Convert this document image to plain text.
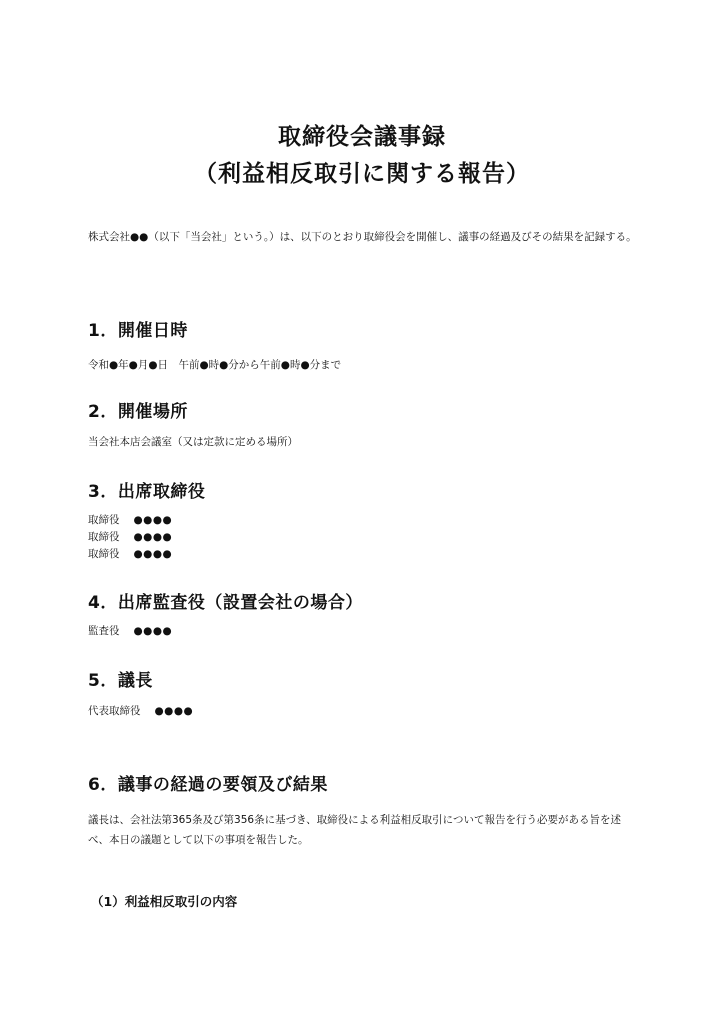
取締役会議事録
（利益相反取引に関する報告）

株式会社●●（以下「当会社」という。）は、以下のとおり取締役会を開催し、議事の経過及びその結果を記録する。

1．開催日時

令和●年●月●日　午前●時●分から午前●時●分まで

2．開催場所

当会社本店会議室（又は定款に定める場所）

3．出席取締役
取締役 ●●●●
取締役 ●●●●
取締役 ●●●●
4．出席監査役（設置会社の場合）
監査役 ●●●●
5．議長
代表取締役 ●●●●
6．議事の経過の要領及び結果

議長は、会社法第365条及び第356条に基づき、取締役による利益相反取引について報告を行う必要がある旨を述べ、本日の議題として以下の事項を報告した。

（1）利益相反取引の内容
